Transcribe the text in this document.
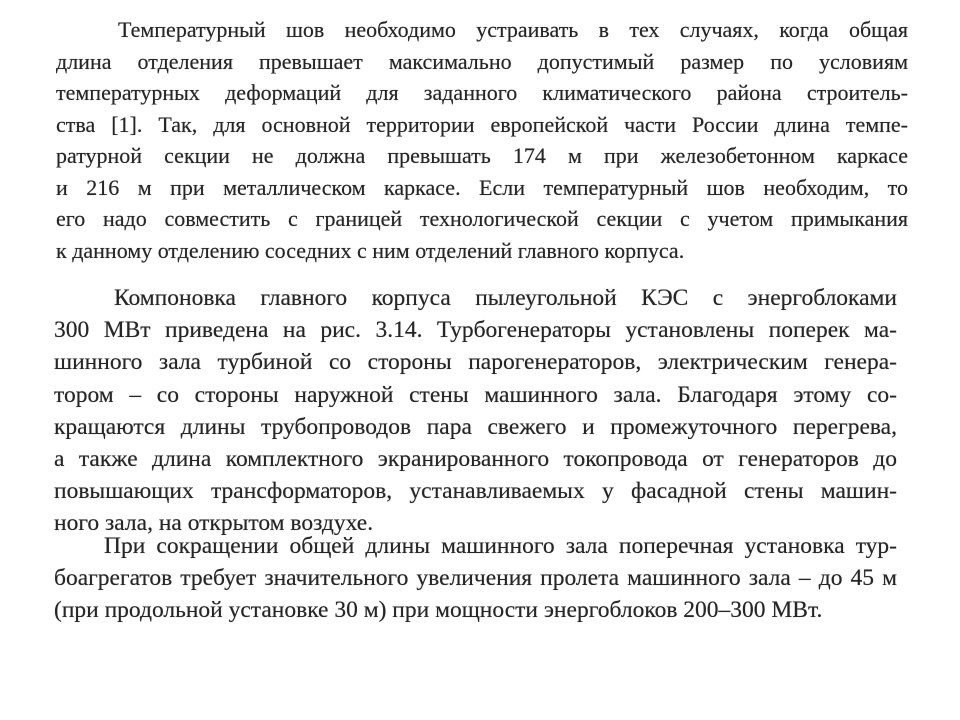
Температурный шов необходимо устраивать в тех случаях, когда общая
длина отделения превышает максимально допустимый размер по условиям
температурных деформаций для заданного климатического района строитель-
ства [1]. Так, для основной территории европейской части России длина темпе-
ратурной секции не должна превышать 174 м при железобетонном каркасе
и 216 м при металлическом каркасе. Если температурный шов необходим, то
его надо совместить с границей технологической секции с учетом примыкания
к данному отделению соседних с ним отделений главного корпуса.

Компоновка главного корпуса пылеугольной КЭС с энергоблоками
300 МВт приведена на рис. 3.14. Турбогенераторы установлены поперек ма-
шинного зала турбиной со стороны парогенераторов, электрическим генера-
тором – со стороны наружной стены машинного зала. Благодаря этому со-
кращаются длины трубопроводов пара свежего и промежуточного перегрева,
а также длина комплектного экранированного токопровода от генераторов до
повышающих трансформаторов, устанавливаемых у фасадной стены машин-
ного зала, на открытом воздухе.

При сокращении общей длины машинного зала поперечная установка тур-
боагрегатов требует значительного увеличения пролета машинного зала – до 45 м
(при продольной установке 30 м) при мощности энергоблоков 200–300 МВт.
